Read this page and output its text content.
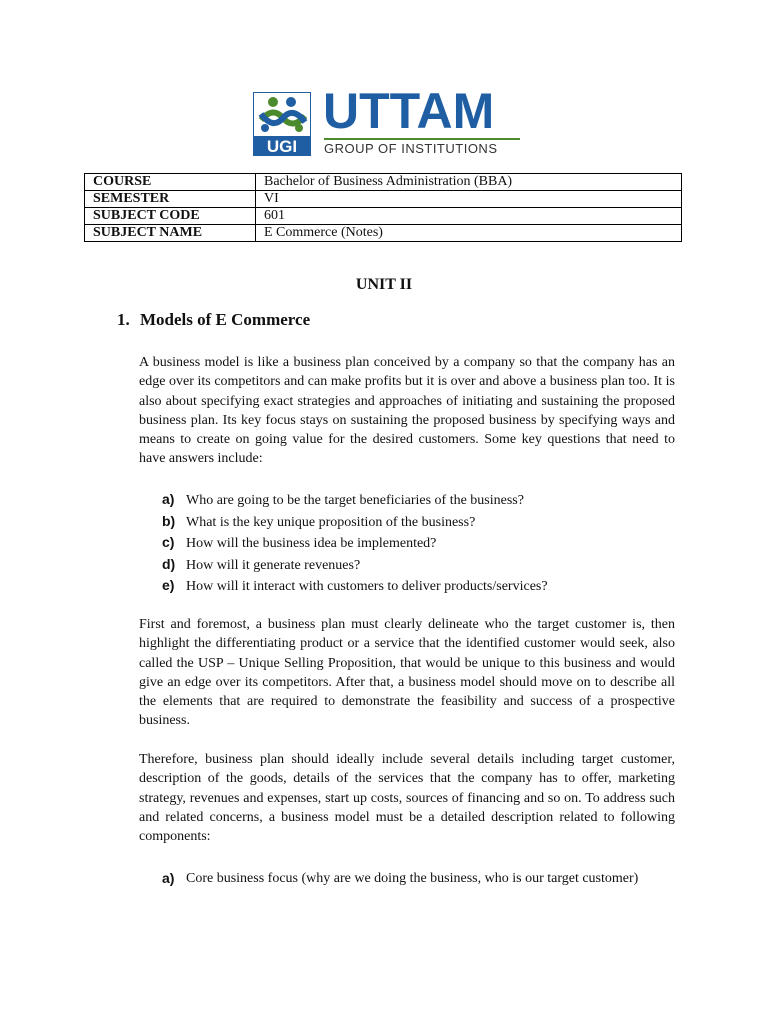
UGI
UTTAM
GROUP OF INSTITUTIONS
COURSE	Bachelor of Business Administration (BBA)
SEMESTER	VI
SUBJECT CODE	601
SUBJECT NAME	E Commerce (Notes)
UNIT II
1. Models of E Commerce

A business model is like a business plan conceived by a company so that the company has an edge over its competitors and can make profits but it is over and above a business plan too. It is also about specifying exact strategies and approaches of initiating and sustaining the proposed business plan. Its key focus stays on sustaining the proposed business by specifying ways and means to create on going value for the desired customers. Some key questions that need to have answers include:

a) Who are going to be the target beneficiaries of the business?
b) What is the key unique proposition of the business?
c) How will the business idea be implemented?
d) How will it generate revenues?
e) How will it interact with customers to deliver products/services?

First and foremost, a business plan must clearly delineate who the target customer is, then highlight the differentiating product or a service that the identified customer would seek, also called the USP – Unique Selling Proposition, that would be unique to this business and would give an edge over its competitors. After that, a business model should move on to describe all the elements that are required to demonstrate the feasibility and success of a prospective business.

Therefore, business plan should ideally include several details including target customer, description of the goods, details of the services that the company has to offer, marketing strategy, revenues and expenses, start up costs, sources of financing and so on. To address such and related concerns, a business model must be a detailed description related to following components:

a) Core business focus (why are we doing the business, who is our target customer)
